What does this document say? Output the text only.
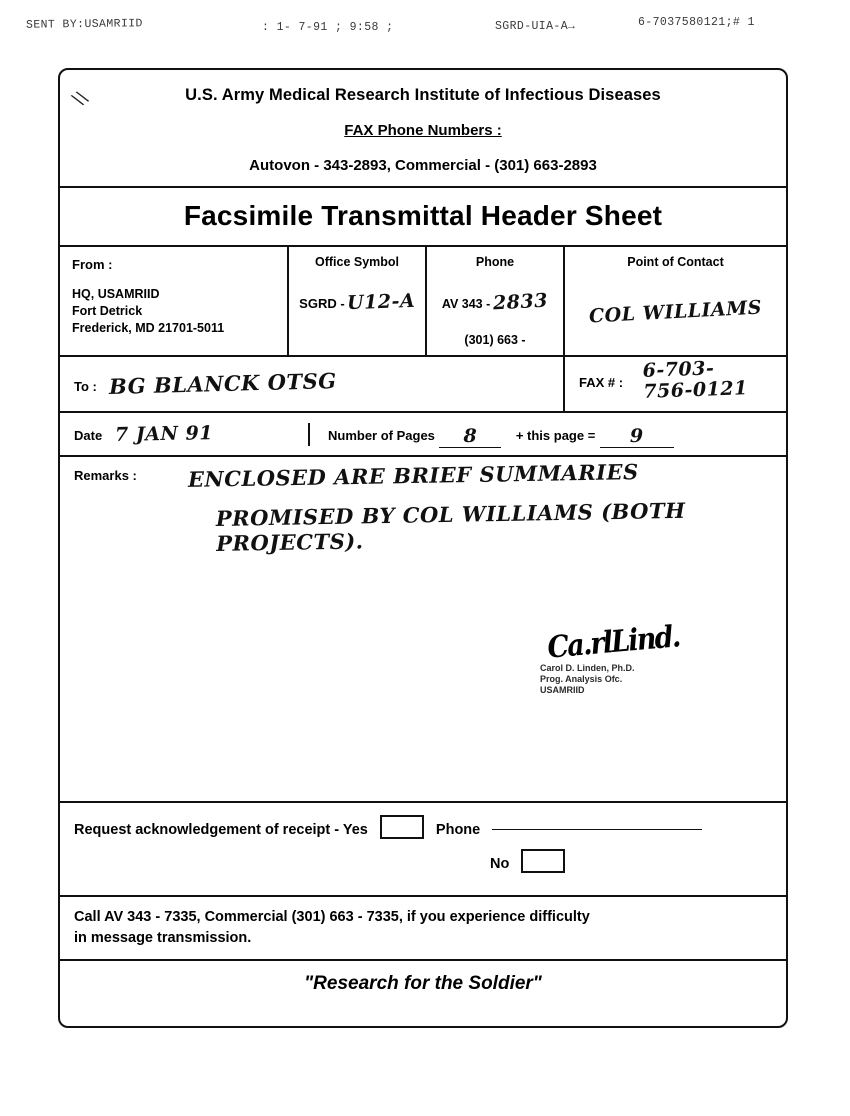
SENT BY:USAMRIID	: 1- 7-91 ; 9:58 ;	SGRD-UIA-A→	6-7037580121;# 1
\\	U.S. Army Medical Research Institute of Infectious Diseases
FAX Phone Numbers :
Autovon - 343-2893, Commercial - (301) 663-2893
Facsimile Transmittal Header Sheet
From :
HQ, USAMRIID
Fort Detrick
Frederick, MD 21701-5011
Office Symbol
SGRD -U12-A
Phone
AV 343 - 2833
(301) 663 -
Point of Contact
COL WILLIAMS
To : BG BLANCK OTSG	FAX # :
6-703-
756-0121
Date 7 JAN 91	Number of Pages 8	+ this page = 9
Remarks : ENCLOSED ARE BRIEF SUMMARIES
PROMISED BY COL WILLIAMS (BOTH PROJECTS).
Ca.rlLind.
Carol D. Linden, Ph.D.
Prog. Analysis Ofc.
USAMRIID
Request acknowledgement of receipt - Yes	Phone
No
Call AV 343 - 7335, Commercial (301) 663 - 7335, if you experience difficulty
in message transmission.
"Research for the Soldier"
